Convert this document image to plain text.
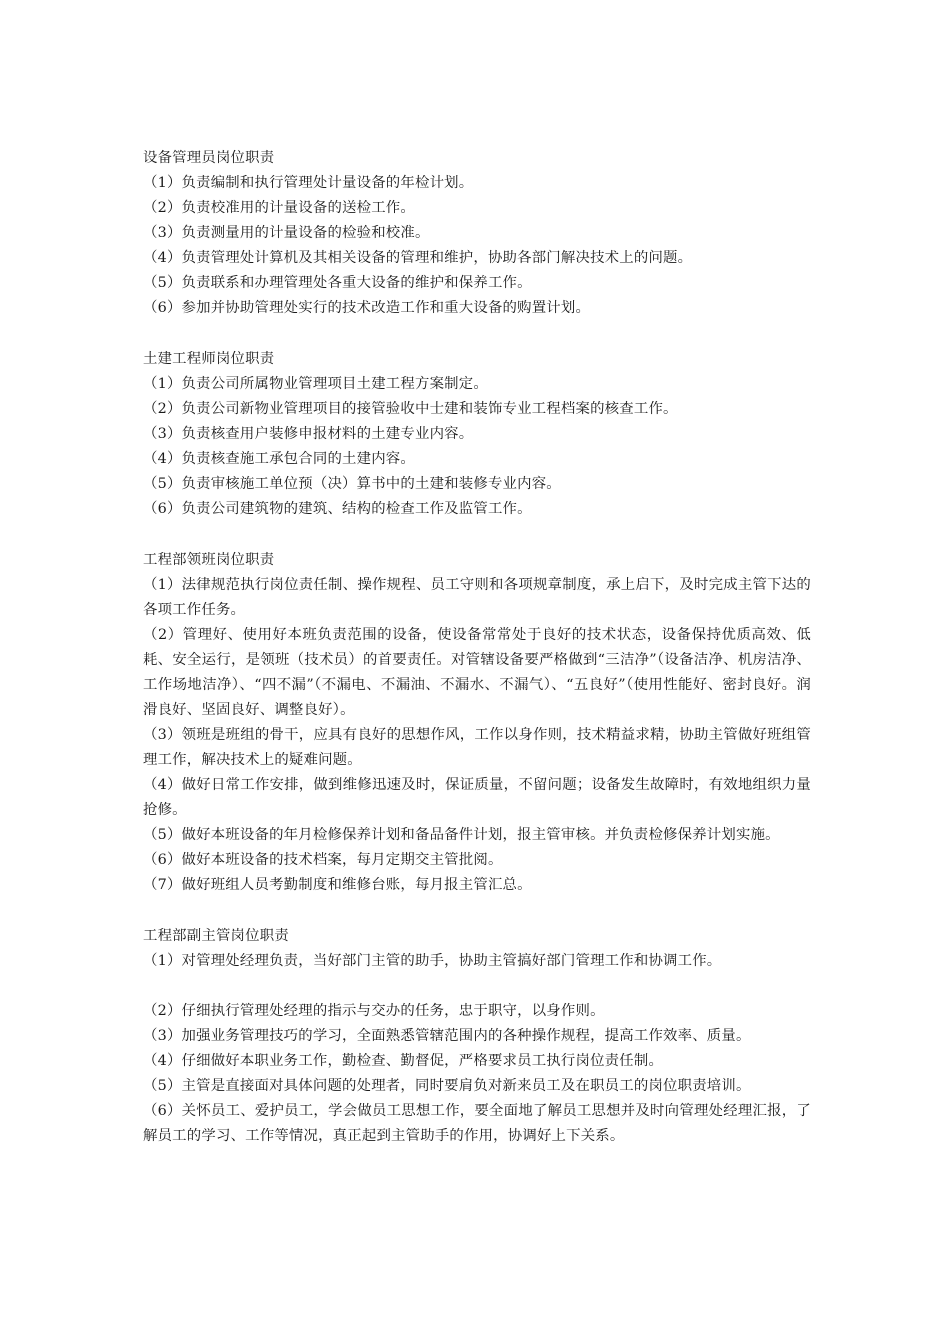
设备管理员岗位职责
（1）负责编制和执行管理处计量设备的年检计划。
（2）负责校准用的计量设备的送检工作。
（3）负责测量用的计量设备的检验和校准。
（4）负责管理处计算机及其相关设备的管理和维护，协助各部门解决技术上的问题。
（5）负责联系和办理管理处各重大设备的维护和保养工作。
（6）参加并协助管理处实行的技术改造工作和重大设备的购置计划。
土建工程师岗位职责
（1）负责公司所属物业管理项目土建工程方案制定。
（2）负责公司新物业管理项目的接管验收中士建和装饰专业工程档案的核查工作。
（3）负责核查用户装修申报材料的土建专业内容。
（4）负责核查施工承包合同的土建内容。
（5）负责审核施工单位预（决）算书中的土建和装修专业内容。
（6）负责公司建筑物的建筑、结构的检查工作及监管工作。
工程部领班岗位职责
（1）法律规范执行岗位责任制、操作规程、员工守则和各项规章制度，承上启下，及时完成主管下达的各项工作任务。
（2）管理好、使用好本班负责范围的设备，使设备常常处于良好的技术状态，设备保持优质高效、低耗、安全运行，是领班（技术员）的首要责任。对管辖设备要严格做到“三洁净”（设备洁净、机房洁净、工作场地洁净）、“四不漏”（不漏电、不漏油、不漏水、不漏气）、“五良好”（使用性能好、密封良好。润滑良好、坚固良好、调整良好）。
（3）领班是班组的骨干，应具有良好的思想作风，工作以身作则，技术精益求精，协助主管做好班组管理工作，解决技术上的疑难问题。
（4）做好日常工作安排，做到维修迅速及时，保证质量，不留问题；设备发生故障时，有效地组织力量抢修。
（5）做好本班设备的年月检修保养计划和备品备件计划，报主管审核。并负责检修保养计划实施。
（6）做好本班设备的技术档案，每月定期交主管批阅。
（7）做好班组人员考勤制度和维修台账，每月报主管汇总。
工程部副主管岗位职责
（1）对管理处经理负责，当好部门主管的助手，协助主管搞好部门管理工作和协调工作。
（2）仔细执行管理处经理的指示与交办的任务，忠于职守，以身作则。
（3）加强业务管理技巧的学习，全面熟悉管辖范围内的各种操作规程，提高工作效率、质量。
（4）仔细做好本职业务工作，勤检查、勤督促，严格要求员工执行岗位责任制。
（5）主管是直接面对具体问题的处理者，同时要肩负对新来员工及在职员工的岗位职责培训。
（6）关怀员工、爱护员工，学会做员工思想工作，要全面地了解员工思想并及时向管理处经理汇报，了解员工的学习、工作等情况，真正起到主管助手的作用，协调好上下关系。
